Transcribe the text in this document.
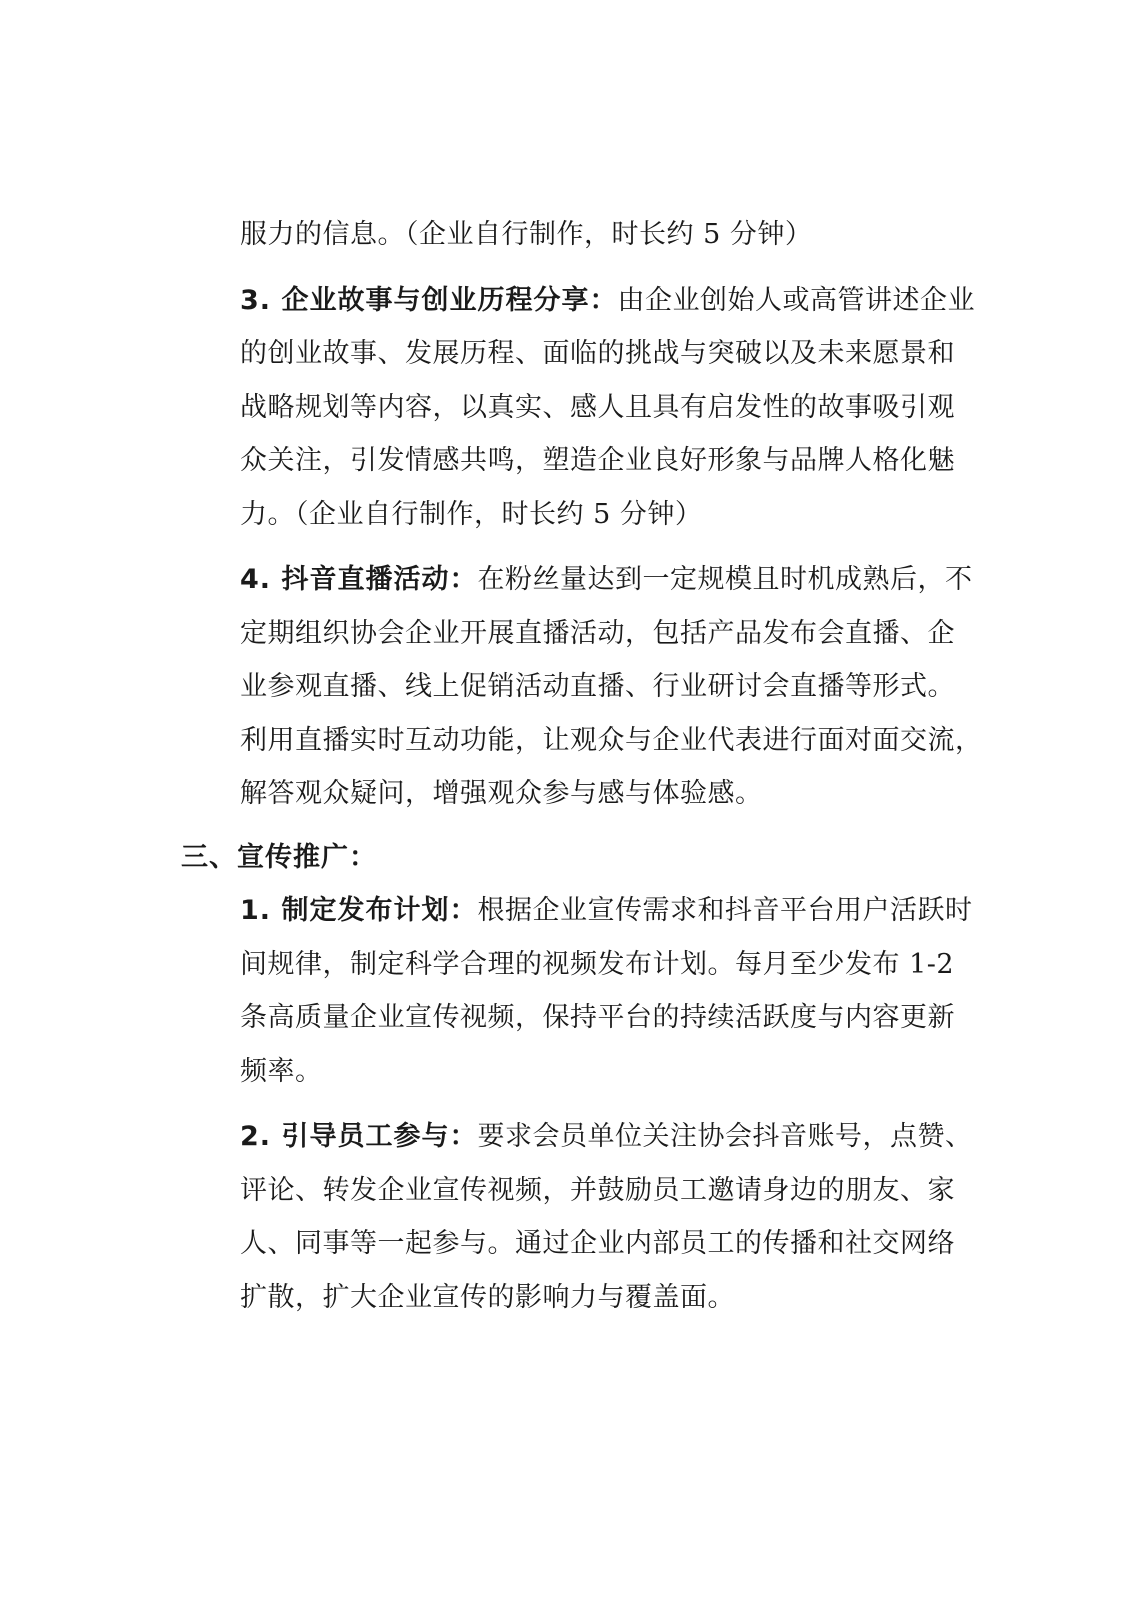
服力的信息。（企业自行制作，时长约 5 分钟）
3. 企业故事与创业历程分享：由企业创始人或高管讲述企业
的创业故事、发展历程、面临的挑战与突破以及未来愿景和
战略规划等内容，以真实、感人且具有启发性的故事吸引观
众关注，引发情感共鸣，塑造企业良好形象与品牌人格化魅
力。（企业自行制作，时长约 5 分钟）
4. 抖音直播活动：在粉丝量达到一定规模且时机成熟后，不
定期组织协会企业开展直播活动，包括产品发布会直播、企
业参观直播、线上促销活动直播、行业研讨会直播等形式。
利用直播实时互动功能，让观众与企业代表进行面对面交流，
解答观众疑问，增强观众参与感与体验感。
三、宣传推广：
1. 制定发布计划：根据企业宣传需求和抖音平台用户活跃时
间规律，制定科学合理的视频发布计划。每月至少发布 1-2
条高质量企业宣传视频，保持平台的持续活跃度与内容更新
频率。
2. 引导员工参与：要求会员单位关注协会抖音账号，点赞、
评论、转发企业宣传视频，并鼓励员工邀请身边的朋友、家
人、同事等一起参与。通过企业内部员工的传播和社交网络
扩散，扩大企业宣传的影响力与覆盖面。
